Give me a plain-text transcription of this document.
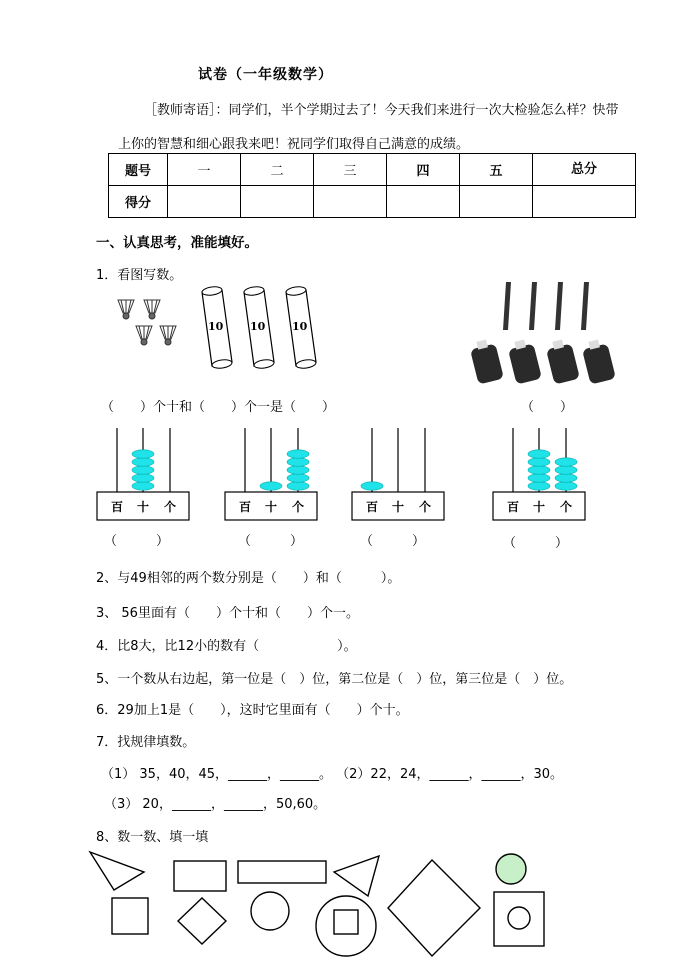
试卷（一年级数学）
［教师寄语］：同学们，半个学期过去了！今天我们来进行一次大检验怎么样？快带
上你的智慧和细心跟我来吧！祝同学们取得自己满意的成绩。
题号	一	二	三	四	五	总分
得分						
一、认真思考，准能填好。
1．看图写数。
10 10 10
（　　）个十和（　　）个一是（　　）	（　　）
百 十 个	百 十 个	百 十 个	百 十 个
（　　　）	（　　　）	（　　　）	（　　　）
2、与49相邻的两个数分别是（　　）和（　　　）。
3、 56里面有（　　）个十和（　　）个一。
4．比8大，比12小的数有（　　　　　　）。
5、一个数从右边起，第一位是（　）位，第二位是（　）位，第三位是（　）位。
6．29加上1是（　　），这时它里面有（　　）个十。
7．找规律填数。
（1） 35，40，45，______，______。 （2）22，24，______，______，30。
（3） 20，______，______，50,60。
8、数一数、填一填
